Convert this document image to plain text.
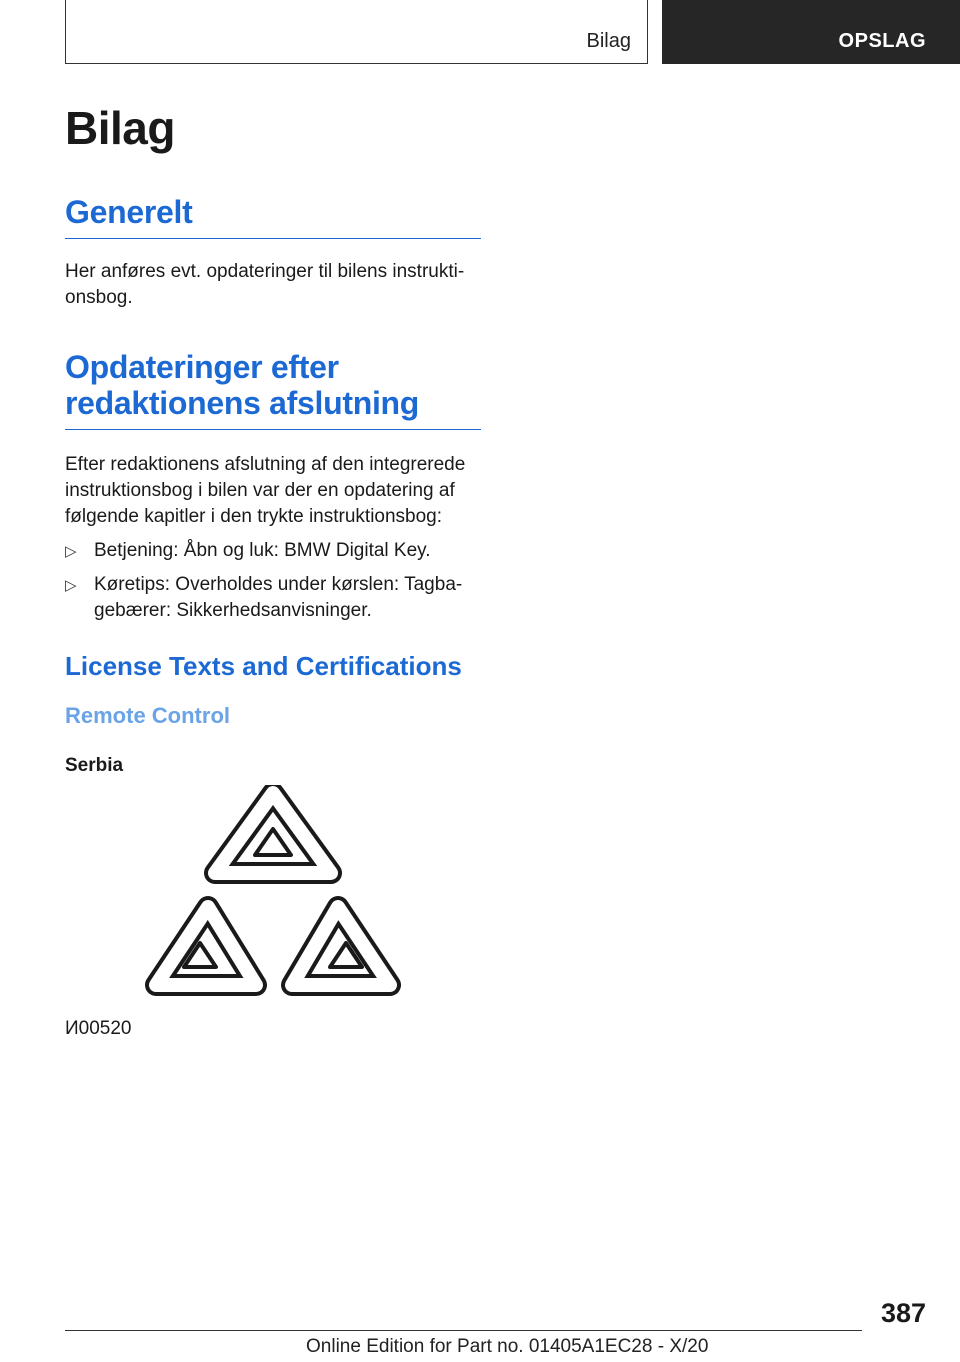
Bilag	OPSLAG
Bilag
Generelt

Her anføres evt. opdateringer til bilens instruktionsbog.

Opdateringer efter
redaktionens afslutning

Efter redaktionens afslutning af den integrerede instruktionsbog i bilen var der en opdatering af følgende kapitler i den trykte instruktionsbog:

▷ Betjening: Åbn og luk: BMW Digital Key.
▷ Køretips: Overholdes under kørslen: Tagbagebærer: Sikkerhedsanvisninger.
License Texts and Certifications
Remote Control
Serbia
И00520
387
Online Edition for Part no. 01405A1EC28 - X/20
